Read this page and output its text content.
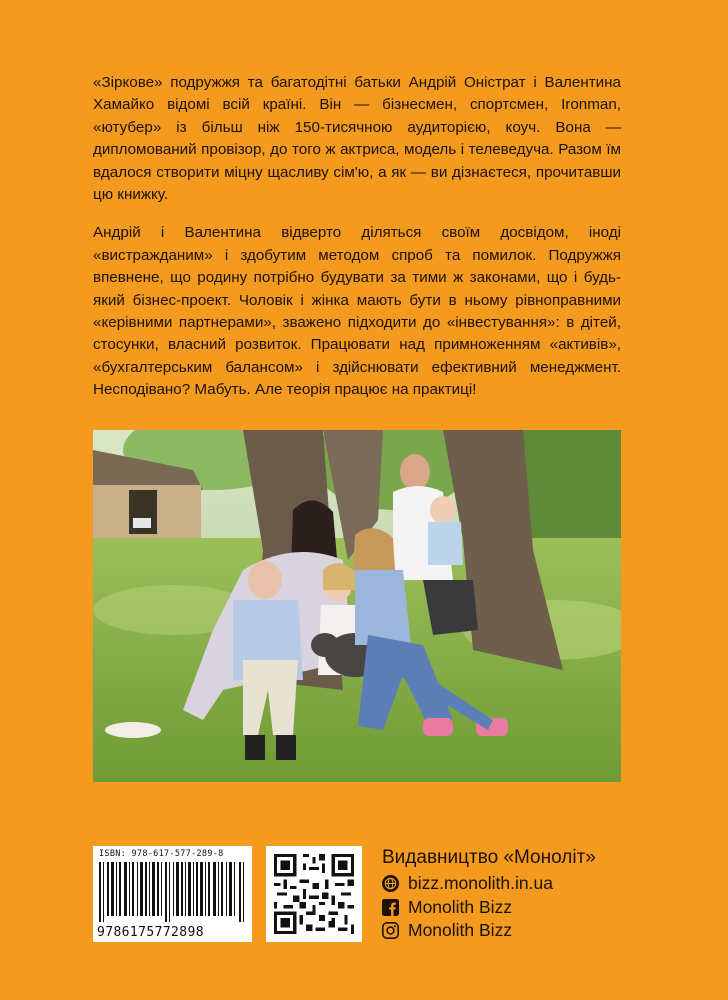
«Зіркове» подружжя та багатодітні батьки Андрій Оністрат і Валентина Хамайко відомі всій країні. Він — бізнесмен, спортсмен, Ironman, «ютубер» із більш ніж 150-тисячною аудиторією, коуч. Вона — дипломований провізор, до того ж актриса, модель і телеведуча. Разом їм вдалося створити міцну щасливу сім'ю, а як — ви дізнаєтеся, прочитавши цю книжку.

Андрій і Валентина відверто діляться своїм досвідом, іноді «вистражданим» і здобутим методом спроб та помилок. Подружжя впевнене, що родину потрібно будувати за тими ж законами, що і будь-який бізнес-проект. Чоловік і жінка мають бути в ньому рівноправними «керівними партнерами», зважено підходити до «інвестування»: в дітей, стосунки, власний розвиток. Працювати над примноженням «активів», «бухгалтерським балансом» і здійснювати ефективний менеджмент. Несподівано? Мабуть. Але теорія працює на практиці!

ISBN: 978-617-577-289-8
9786175772898

Видавництво «Моноліт»

bizz.monolith.in.ua
Monolith Bizz
Monolith Bizz
